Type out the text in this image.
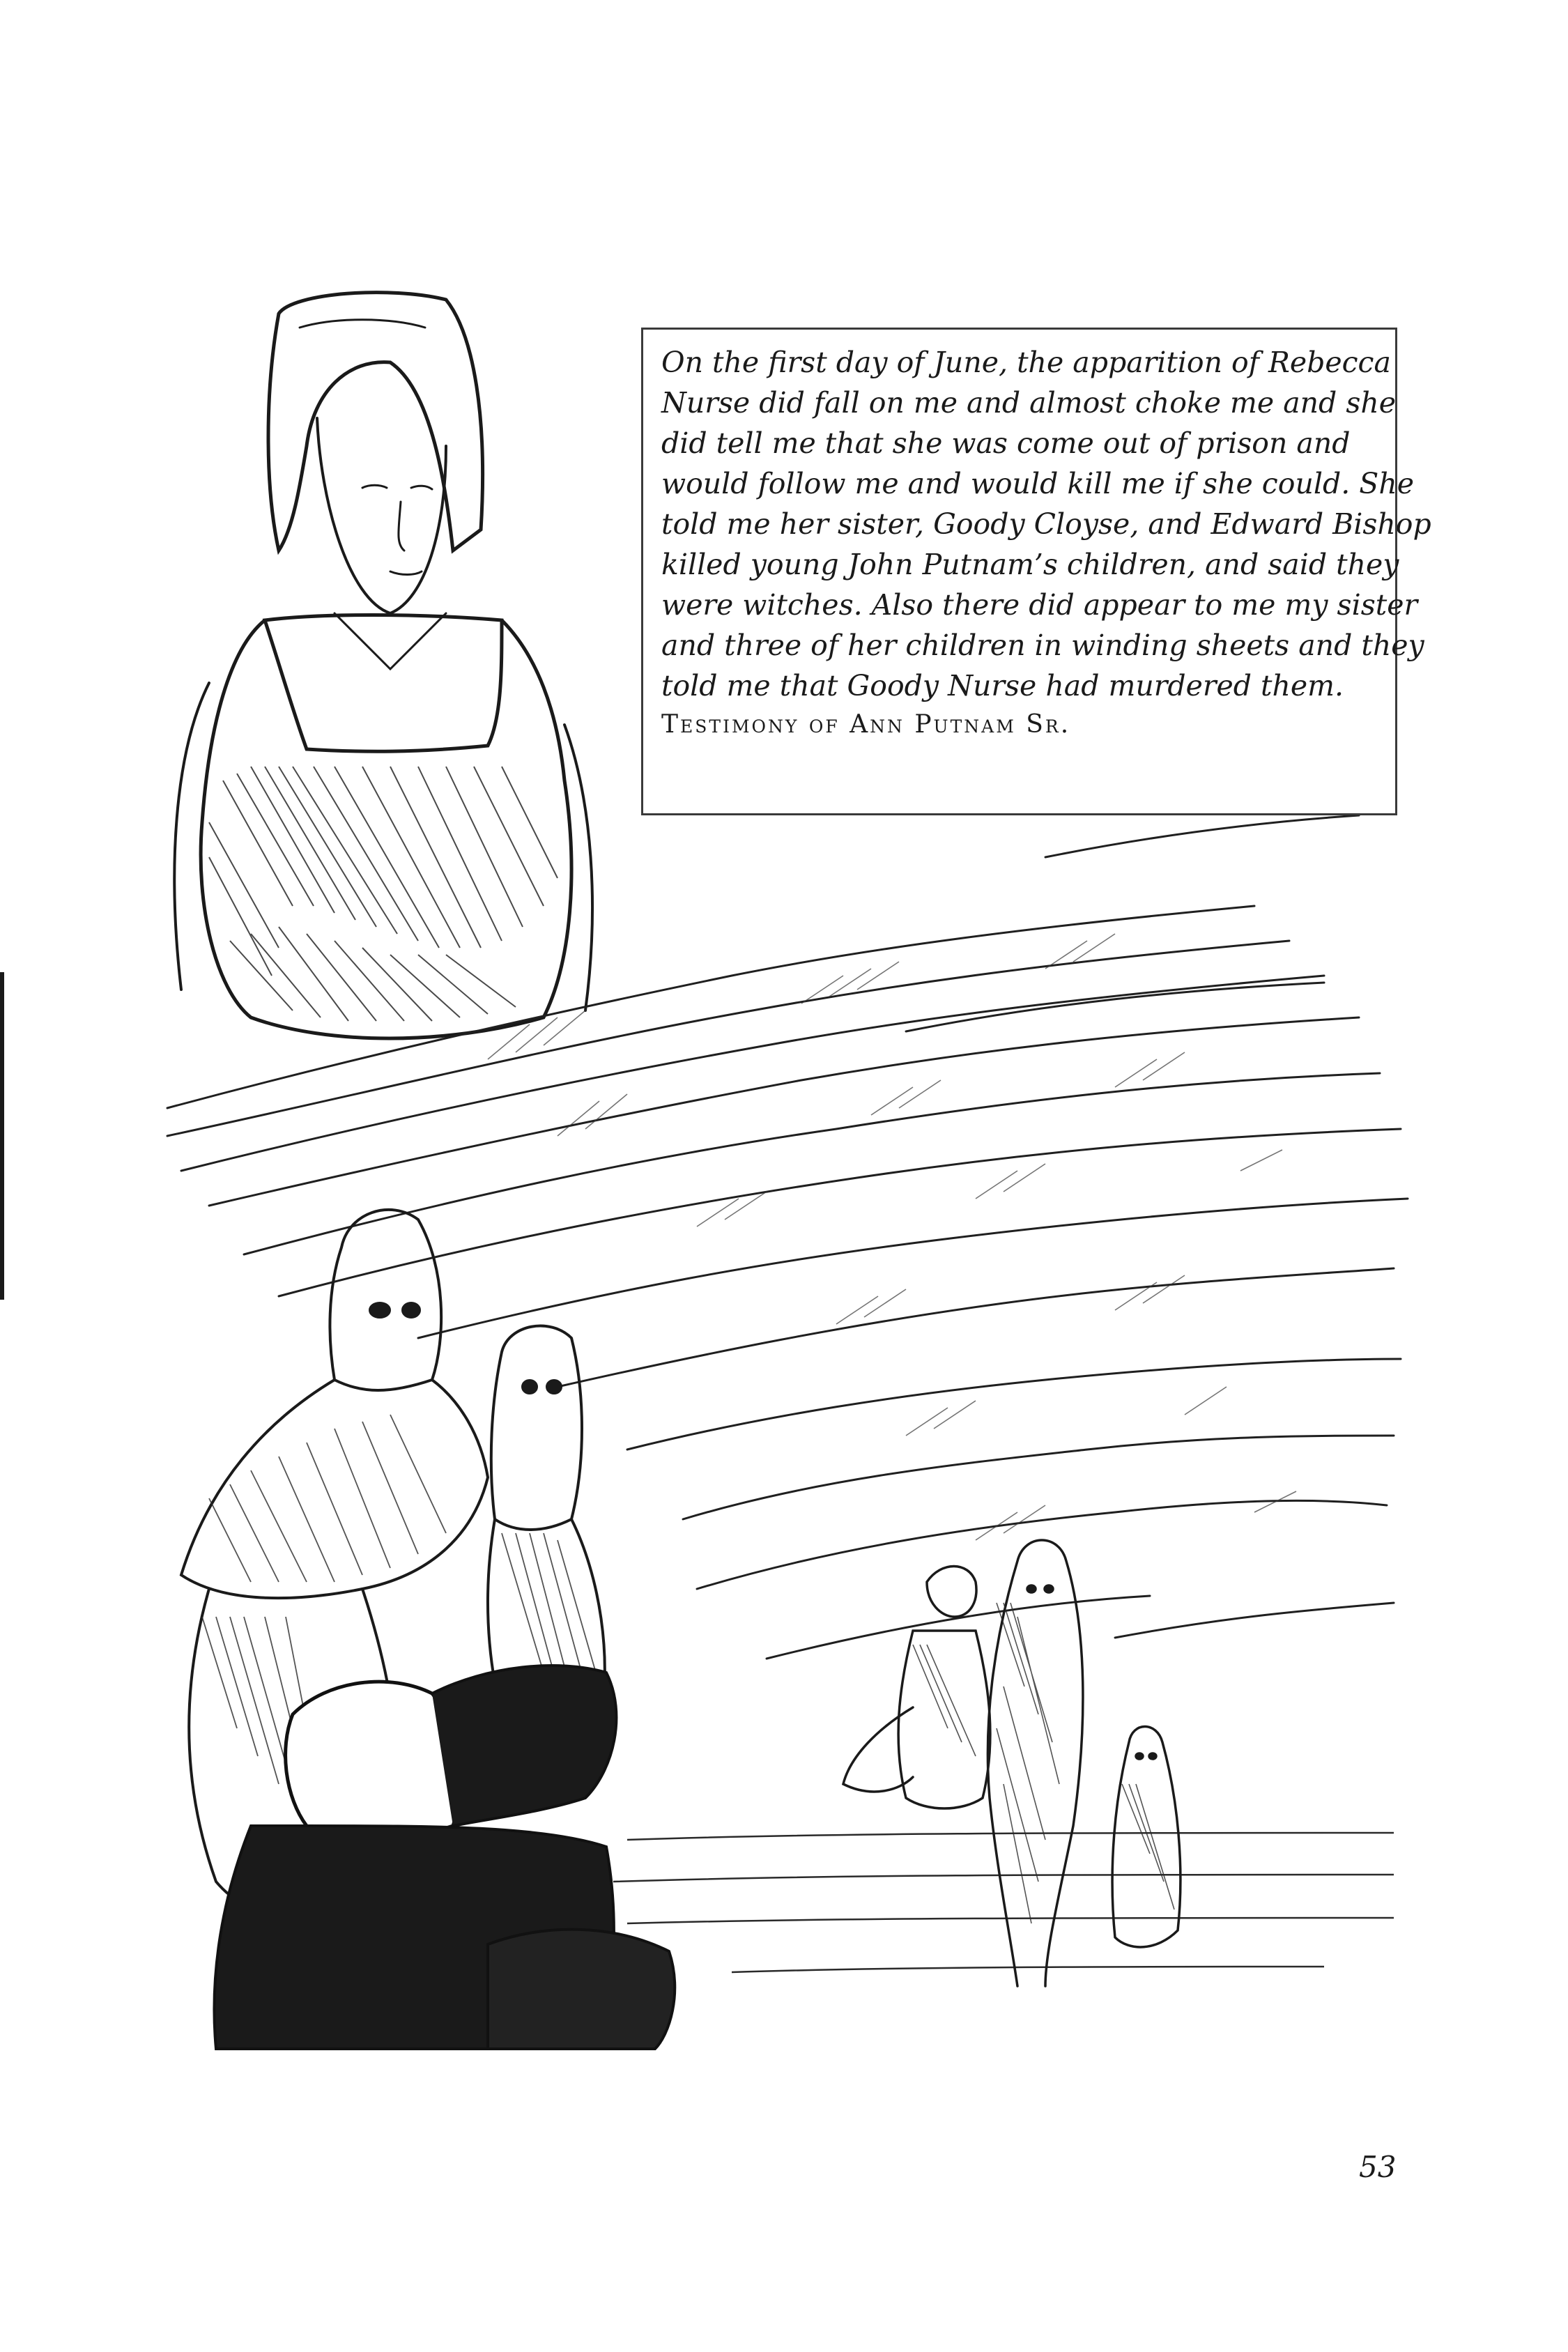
On the first day of June, the apparition of Rebecca
Nurse did fall on me and almost choke me and she
did tell me that she was come out of prison and
would follow me and would kill me if she could. She
told me her sister, Goody Cloyse, and Edward Bishop
killed young John Putnam’s children, and said they
were witches. Also there did appear to me my sister
and three of her children in winding sheets and they
told me that Goody Nurse had murdered them.
Testimony of Ann Putnam Sr.
53
